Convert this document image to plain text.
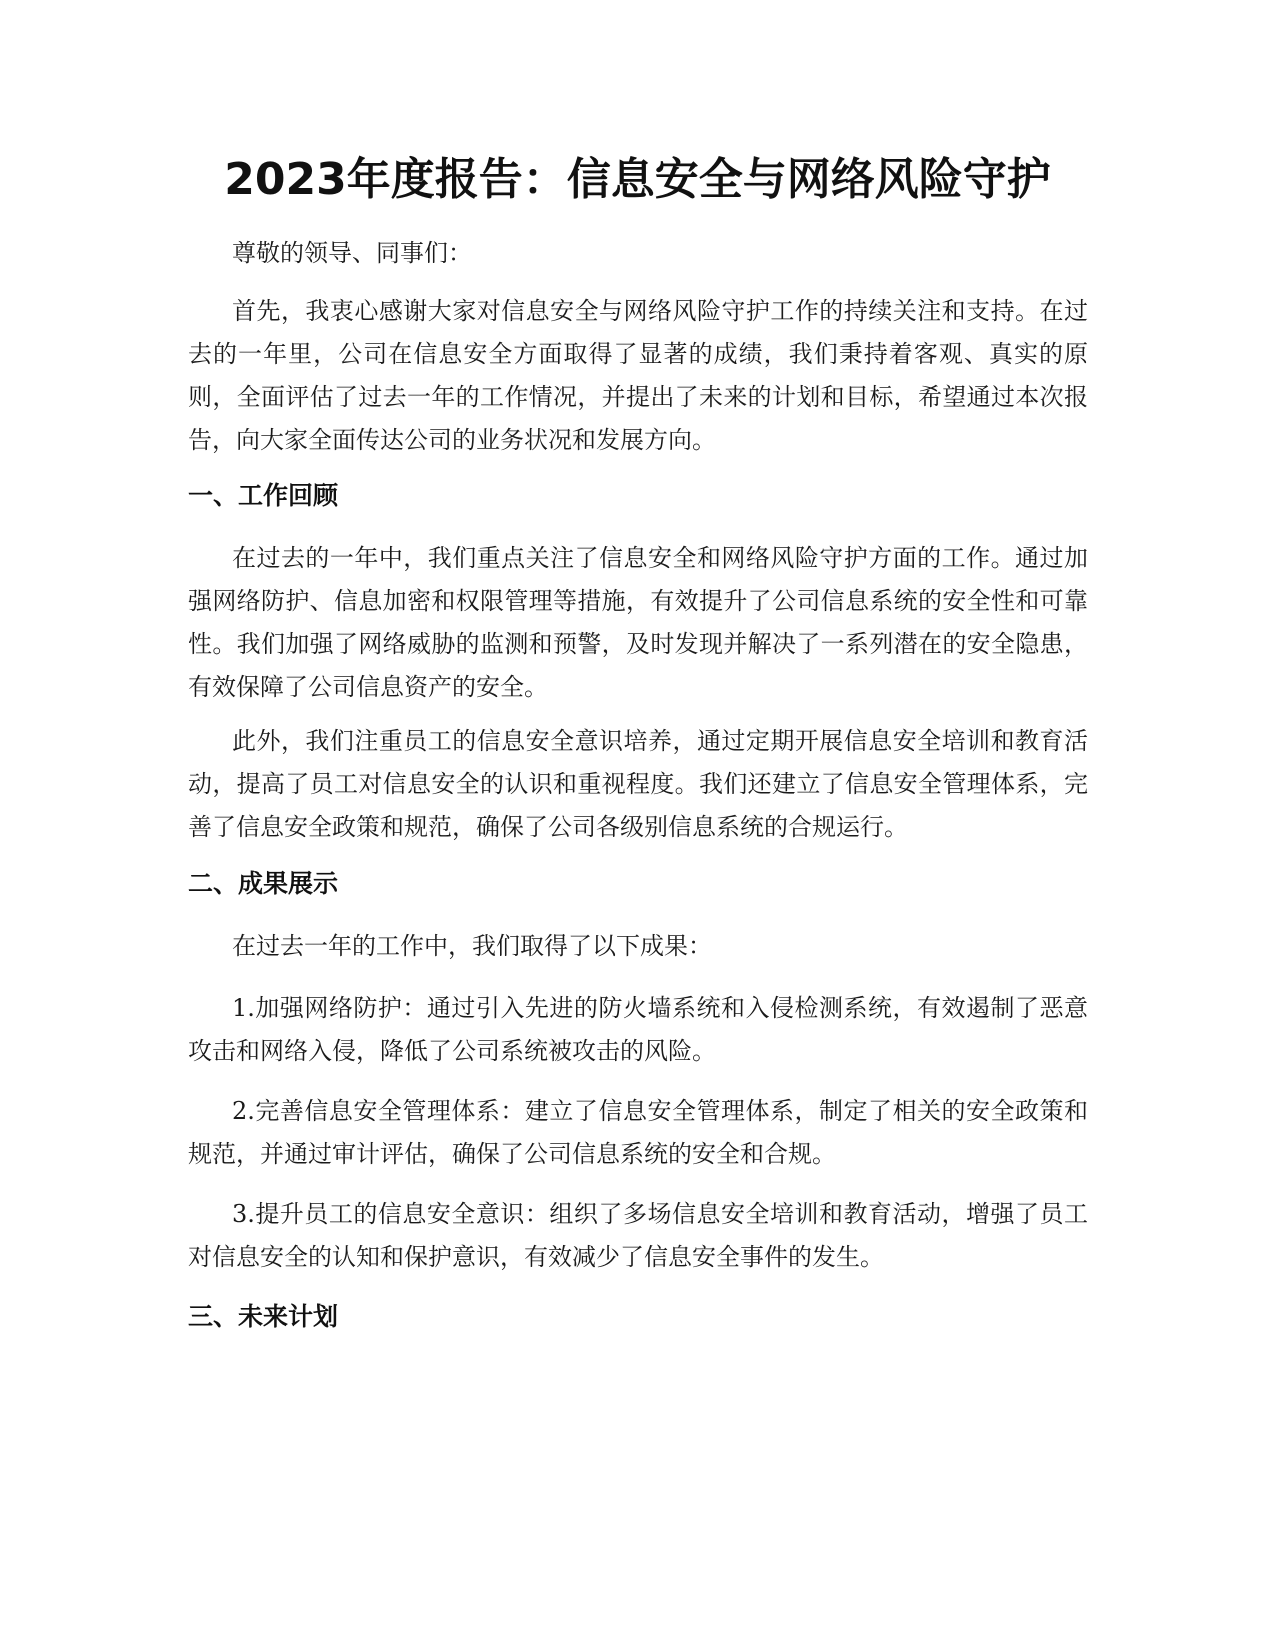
2023年度报告：信息安全与网络风险守护

尊敬的领导、同事们：

首先，我衷心感谢大家对信息安全与网络风险守护工作的持续关注和支持。在过去的一年里，公司在信息安全方面取得了显著的成绩，我们秉持着客观、真实的原则，全面评估了过去一年的工作情况，并提出了未来的计划和目标，希望通过本次报告，向大家全面传达公司的业务状况和发展方向。

一、工作回顾

在过去的一年中，我们重点关注了信息安全和网络风险守护方面的工作。通过加强网络防护、信息加密和权限管理等措施，有效提升了公司信息系统的安全性和可靠性。我们加强了网络威胁的监测和预警，及时发现并解决了一系列潜在的安全隐患，有效保障了公司信息资产的安全。

此外，我们注重员工的信息安全意识培养，通过定期开展信息安全培训和教育活动，提高了员工对信息安全的认识和重视程度。我们还建立了信息安全管理体系，完善了信息安全政策和规范，确保了公司各级别信息系统的合规运行。

二、成果展示

在过去一年的工作中，我们取得了以下成果：

1.加强网络防护：通过引入先进的防火墙系统和入侵检测系统，有效遏制了恶意攻击和网络入侵，降低了公司系统被攻击的风险。

2.完善信息安全管理体系：建立了信息安全管理体系，制定了相关的安全政策和规范，并通过审计评估，确保了公司信息系统的安全和合规。

3.提升员工的信息安全意识：组织了多场信息安全培训和教育活动，增强了员工对信息安全的认知和保护意识，有效减少了信息安全事件的发生。

三、未来计划
